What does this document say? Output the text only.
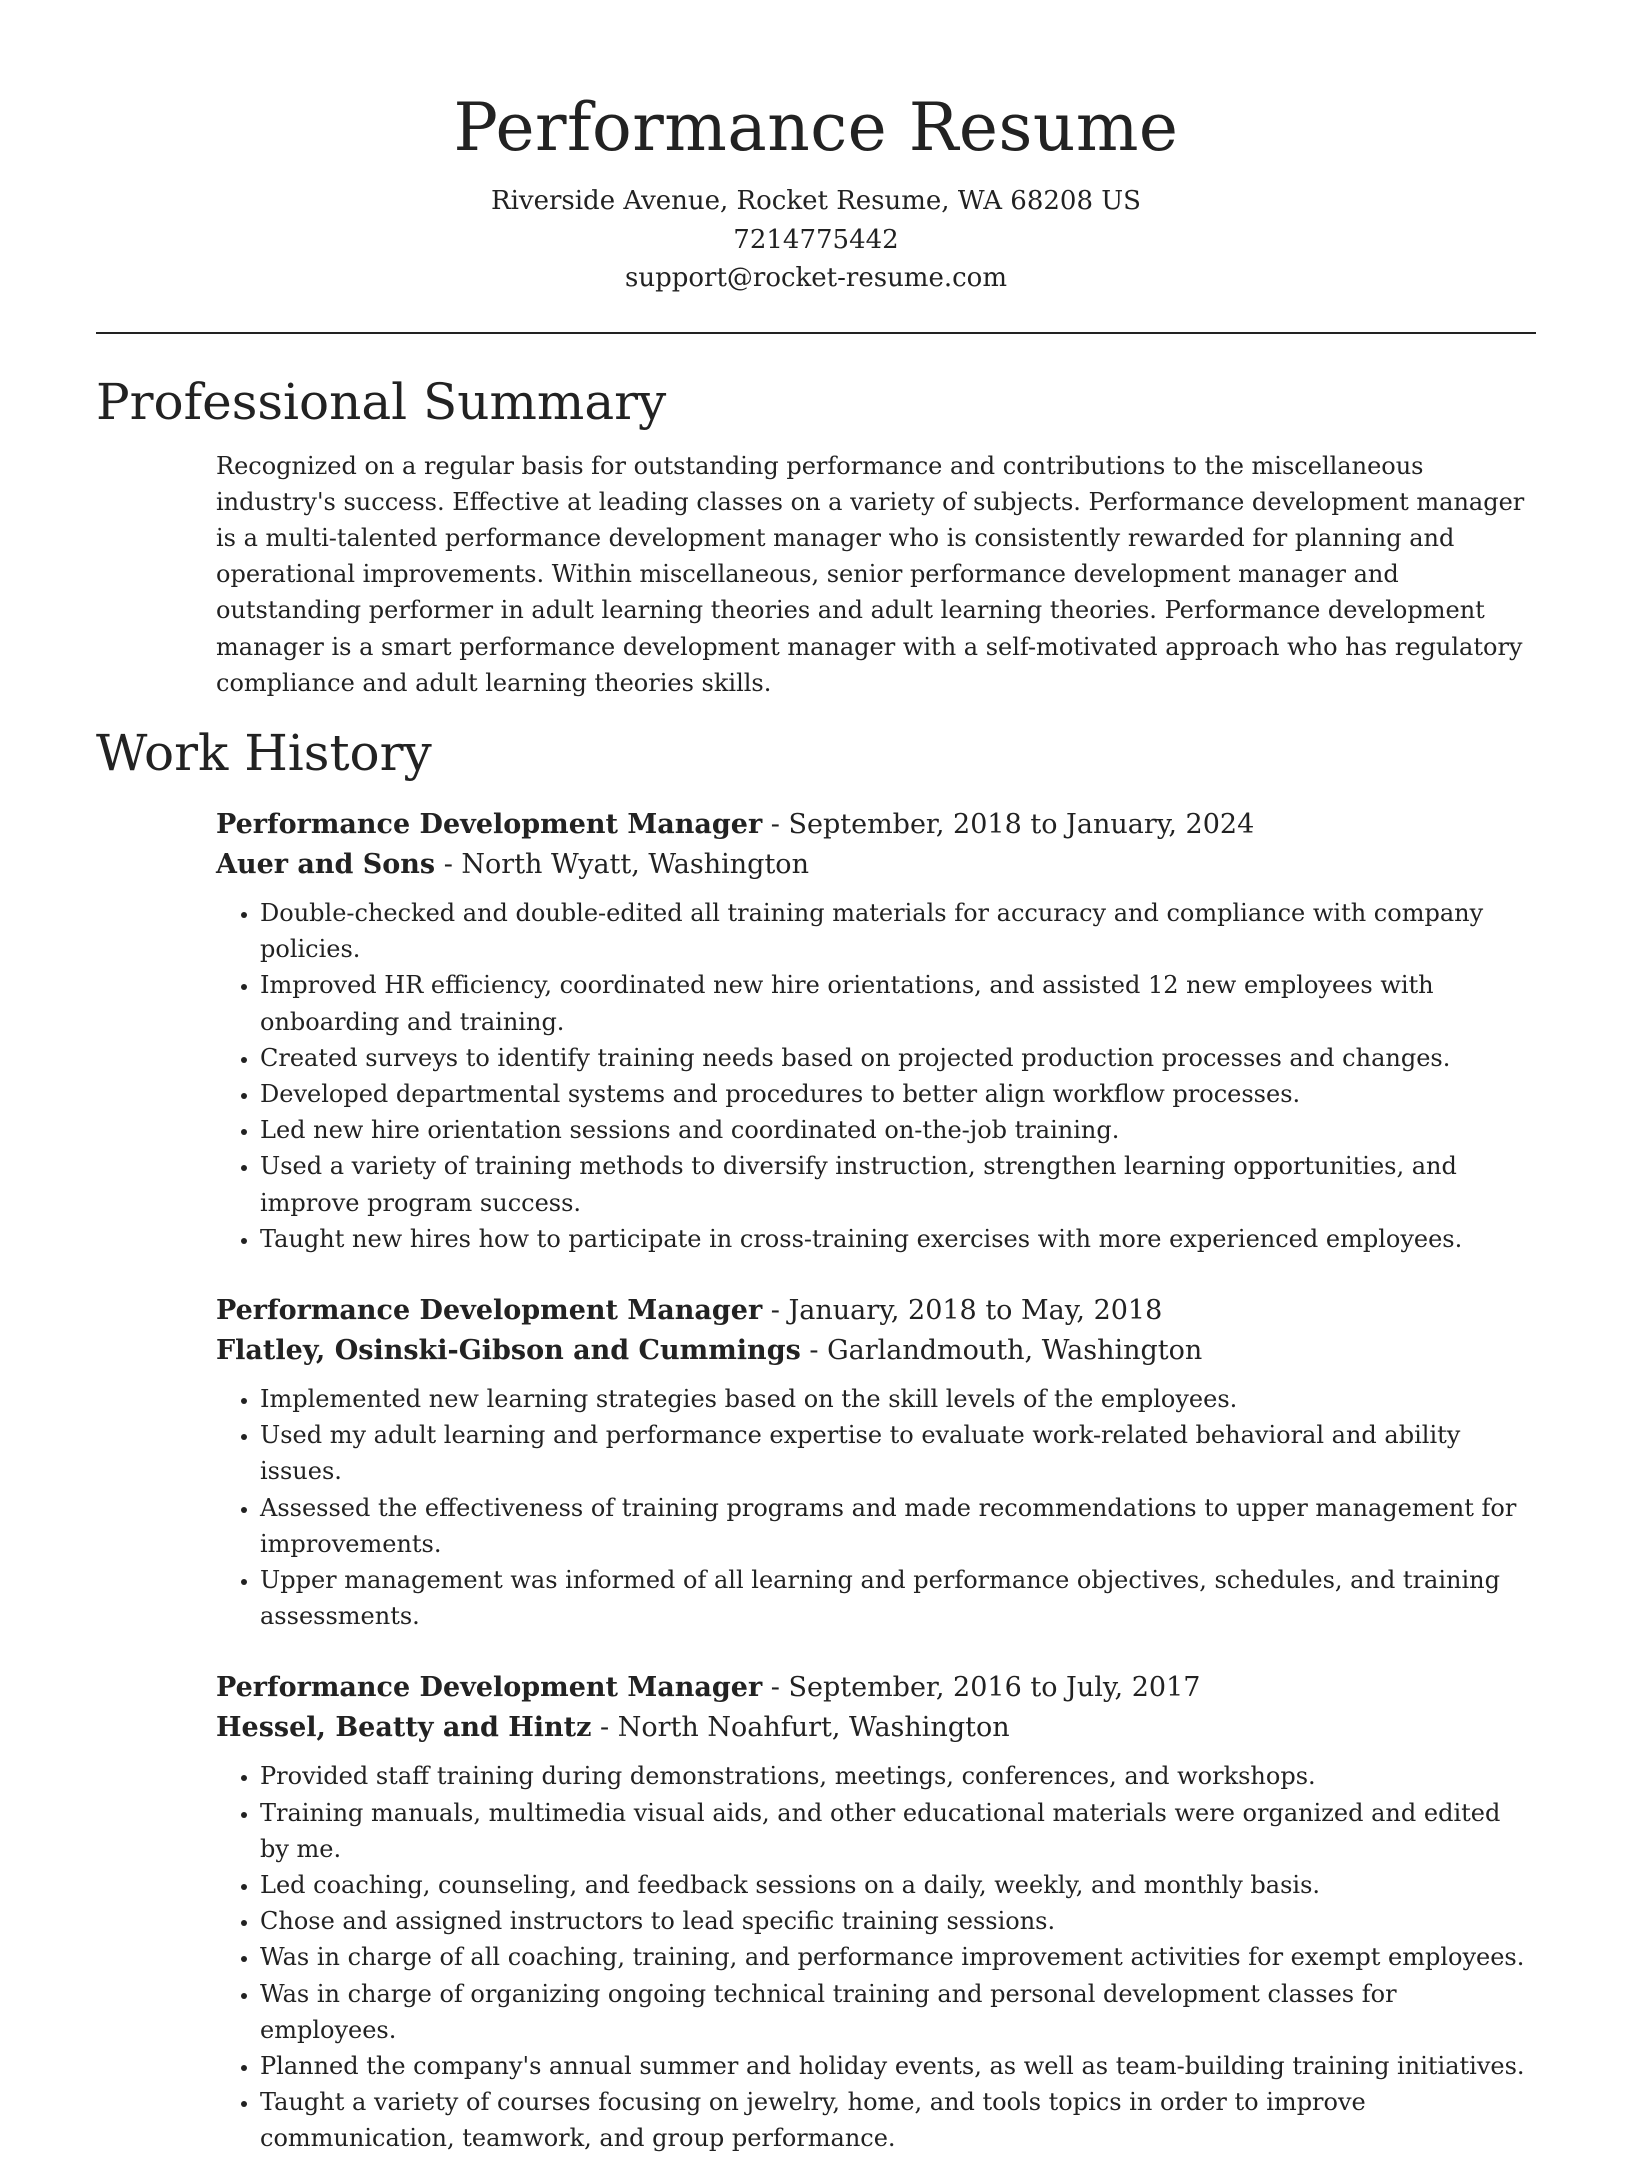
Performance Resume

Riverside Avenue, Rocket Resume, WA 68208 US

7214775442

support@rocket-resume.com

Professional Summary

Recognized on a regular basis for outstanding performance and contributions to the miscellaneous industry's success. Effective at leading classes on a variety of subjects. Performance development manager is a multi-talented performance development manager who is consistently rewarded for planning and operational improvements. Within miscellaneous, senior performance development manager and outstanding performer in adult learning theories and adult learning theories. Performance development manager is a smart performance development manager with a self-motivated approach who has regulatory compliance and adult learning theories skills.

Work History

Performance Development Manager - September, 2018 to January, 2024

Auer and Sons - North Wyatt, Washington

• Double-checked and double-edited all training materials for accuracy and compliance with company policies.
• Improved HR efficiency, coordinated new hire orientations, and assisted 12 new employees with onboarding and training.
• Created surveys to identify training needs based on projected production processes and changes.
• Developed departmental systems and procedures to better align workflow processes.
• Led new hire orientation sessions and coordinated on-the-job training.
• Used a variety of training methods to diversify instruction, strengthen learning opportunities, and improve program success.
• Taught new hires how to participate in cross-training exercises with more experienced employees.

Performance Development Manager - January, 2018 to May, 2018

Flatley, Osinski-Gibson and Cummings - Garlandmouth, Washington

• Implemented new learning strategies based on the skill levels of the employees.
• Used my adult learning and performance expertise to evaluate work-related behavioral and ability issues.
• Assessed the effectiveness of training programs and made recommendations to upper management for improvements.
• Upper management was informed of all learning and performance objectives, schedules, and training assessments.

Performance Development Manager - September, 2016 to July, 2017

Hessel, Beatty and Hintz - North Noahfurt, Washington

• Provided staff training during demonstrations, meetings, conferences, and workshops.
• Training manuals, multimedia visual aids, and other educational materials were organized and edited by me.
• Led coaching, counseling, and feedback sessions on a daily, weekly, and monthly basis.
• Chose and assigned instructors to lead specific training sessions.
• Was in charge of all coaching, training, and performance improvement activities for exempt employees.
• Was in charge of organizing ongoing technical training and personal development classes for employees.
• Planned the company's annual summer and holiday events, as well as team-building training initiatives.
• Taught a variety of courses focusing on jewelry, home, and tools topics in order to improve communication, teamwork, and group performance.
